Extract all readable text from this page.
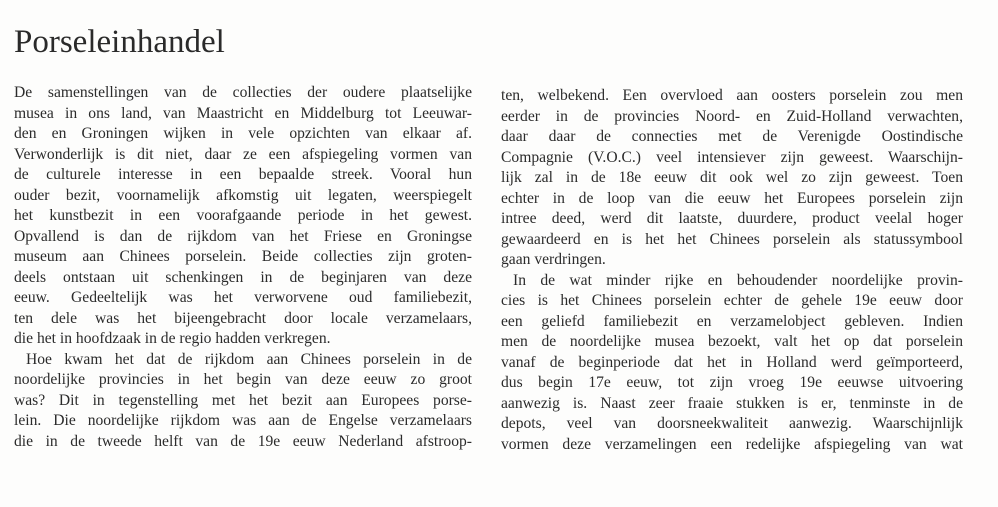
Porseleinhandel
De samenstellingen van de collecties der oudere plaatselijke
musea in ons land, van Maastricht en Middelburg tot Leeuwar-
den en Groningen wijken in vele opzichten van elkaar af.
Verwonderlijk is dit niet, daar ze een afspiegeling vormen van
de culturele interesse in een bepaalde streek. Vooral hun
ouder bezit, voornamelijk afkomstig uit legaten, weerspiegelt
het kunstbezit in een voorafgaande periode in het gewest.
Opvallend is dan de rijkdom van het Friese en Groningse
museum aan Chinees porselein. Beide collecties zijn groten-
deels ontstaan uit schenkingen in de beginjaren van deze
eeuw. Gedeeltelijk was het verworvene oud familiebezit,
ten dele was het bijeengebracht door locale verzamelaars,
die het in hoofdzaak in de regio hadden verkregen.
Hoe kwam het dat de rijkdom aan Chinees porselein in de
noordelijke provincies in het begin van deze eeuw zo groot
was? Dit in tegenstelling met het bezit aan Europees porse-
lein. Die noordelijke rijkdom was aan de Engelse verzamelaars
die in de tweede helft van de 19e eeuw Nederland afstroop-
ten, welbekend. Een overvloed aan oosters porselein zou men
eerder in de provincies Noord- en Zuid-Holland verwachten,
daar daar de connecties met de Verenigde Oostindische
Compagnie (V.O.C.) veel intensiever zijn geweest. Waarschijn-
lijk zal in de 18e eeuw dit ook wel zo zijn geweest. Toen
echter in de loop van die eeuw het Europees porselein zijn
intree deed, werd dit laatste, duurdere, product veelal hoger
gewaardeerd en is het het Chinees porselein als statussymbool
gaan verdringen.
In de wat minder rijke en behoudender noordelijke provin-
cies is het Chinees porselein echter de gehele 19e eeuw door
een geliefd familiebezit en verzamelobject gebleven. Indien
men de noordelijke musea bezoekt, valt het op dat porselein
vanaf de beginperiode dat het in Holland werd geïmporteerd,
dus begin 17e eeuw, tot zijn vroeg 19e eeuwse uitvoering
aanwezig is. Naast zeer fraaie stukken is er, tenminste in de
depots, veel van doorsneekwaliteit aanwezig. Waarschijnlijk
vormen deze verzamelingen een redelijke afspiegeling van wat
